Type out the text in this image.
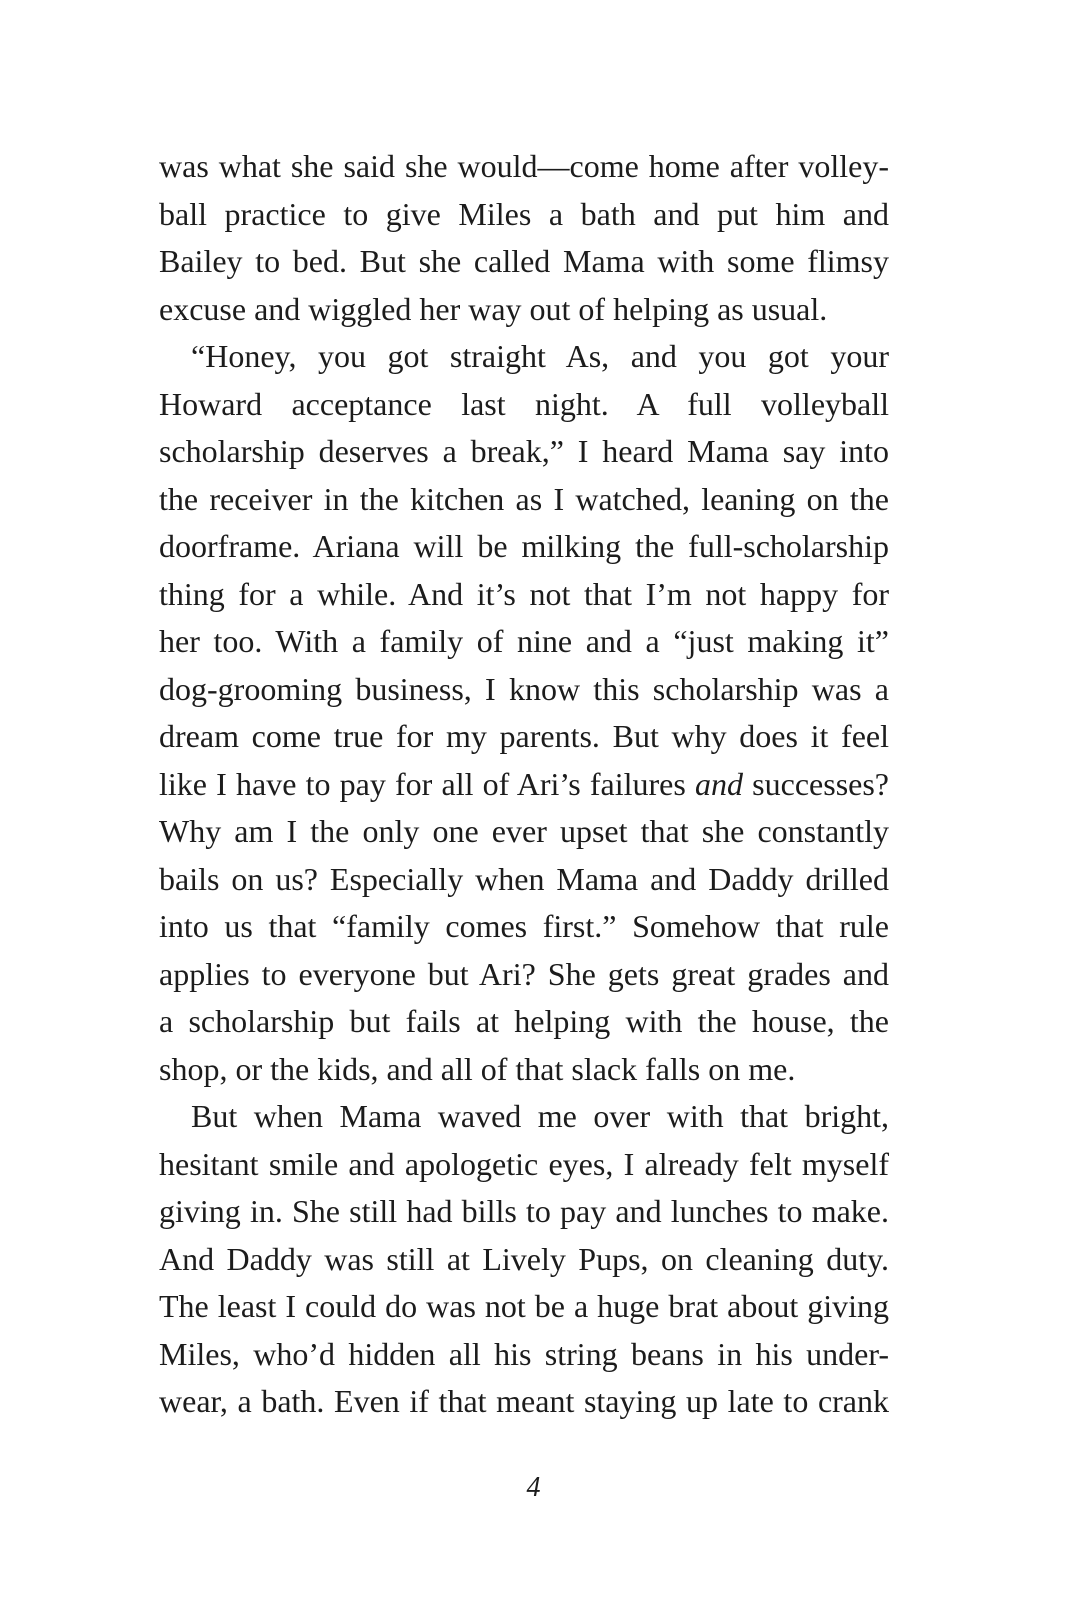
was what she said she would—come home after volley-
ball practice to give Miles a bath and put him and
Bailey to bed. But she called Mama with some flimsy
excuse and wiggled her way out of helping as usual.
“Honey, you got straight As, and you got your
Howard acceptance last night. A full volleyball
scholarship deserves a break,” I heard Mama say into
the receiver in the kitchen as I watched, leaning on the
doorframe. Ariana will be milking the full-scholarship
thing for a while. And it’s not that I’m not happy for
her too. With a family of nine and a “just making it”
dog-grooming business, I know this scholarship was a
dream come true for my parents. But why does it feel
like I have to pay for all of Ari’s failures and successes?
Why am I the only one ever upset that she constantly
bails on us? Especially when Mama and Daddy drilled
into us that “family comes first.” Somehow that rule
applies to everyone but Ari? She gets great grades and
a scholarship but fails at helping with the house, the
shop, or the kids, and all of that slack falls on me.
But when Mama waved me over with that bright,
hesitant smile and apologetic eyes, I already felt myself
giving in. She still had bills to pay and lunches to make.
And Daddy was still at Lively Pups, on cleaning duty.
The least I could do was not be a huge brat about giving
Miles, who’d hidden all his string beans in his under-
wear, a bath. Even if that meant staying up late to crank
4
